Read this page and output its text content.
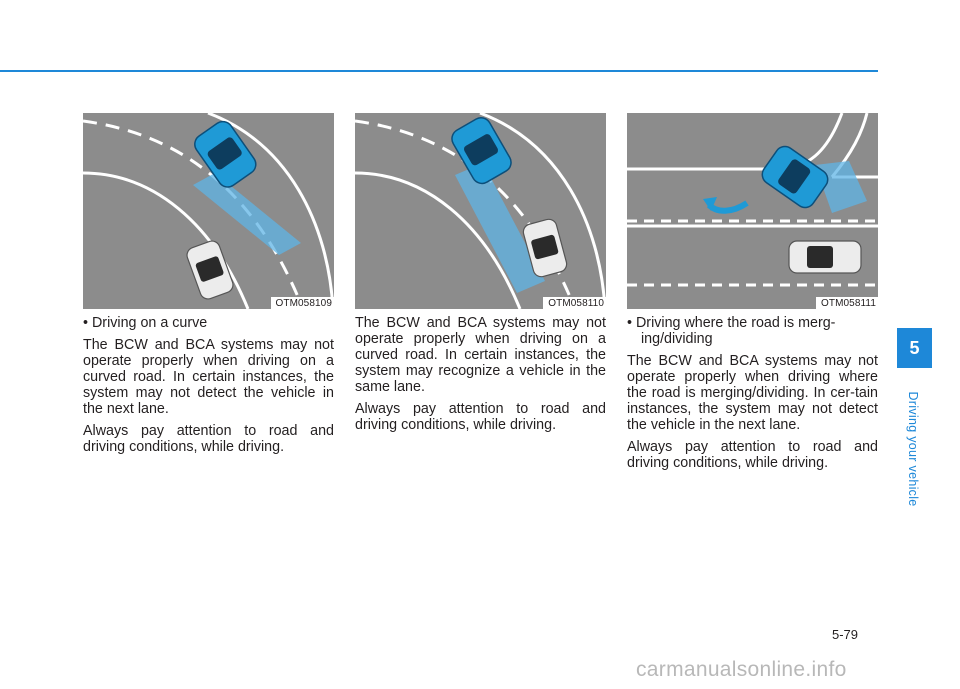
OTM058109

• Driving on a curve

The BCW and BCA systems may not operate properly when driving on a curved road. In certain instances, the system may not detect the vehicle in the next lane.

Always pay attention to road and driving conditions, while driving.

OTM058110

The BCW and BCA systems may not operate properly when driving on a curved road. In certain instances, the system may recognize a vehicle in the same lane.

Always pay attention to road and driving conditions, while driving.

OTM058111

• Driving where the road is merg-ing/dividing

The BCW and BCA systems may not operate properly when driving where the road is merging/dividing. In cer-tain instances, the system may not detect the vehicle in the next lane.

Always pay attention to road and driving conditions, while driving.

5
Driving your vehicle
5-79
carmanualsonline.info
